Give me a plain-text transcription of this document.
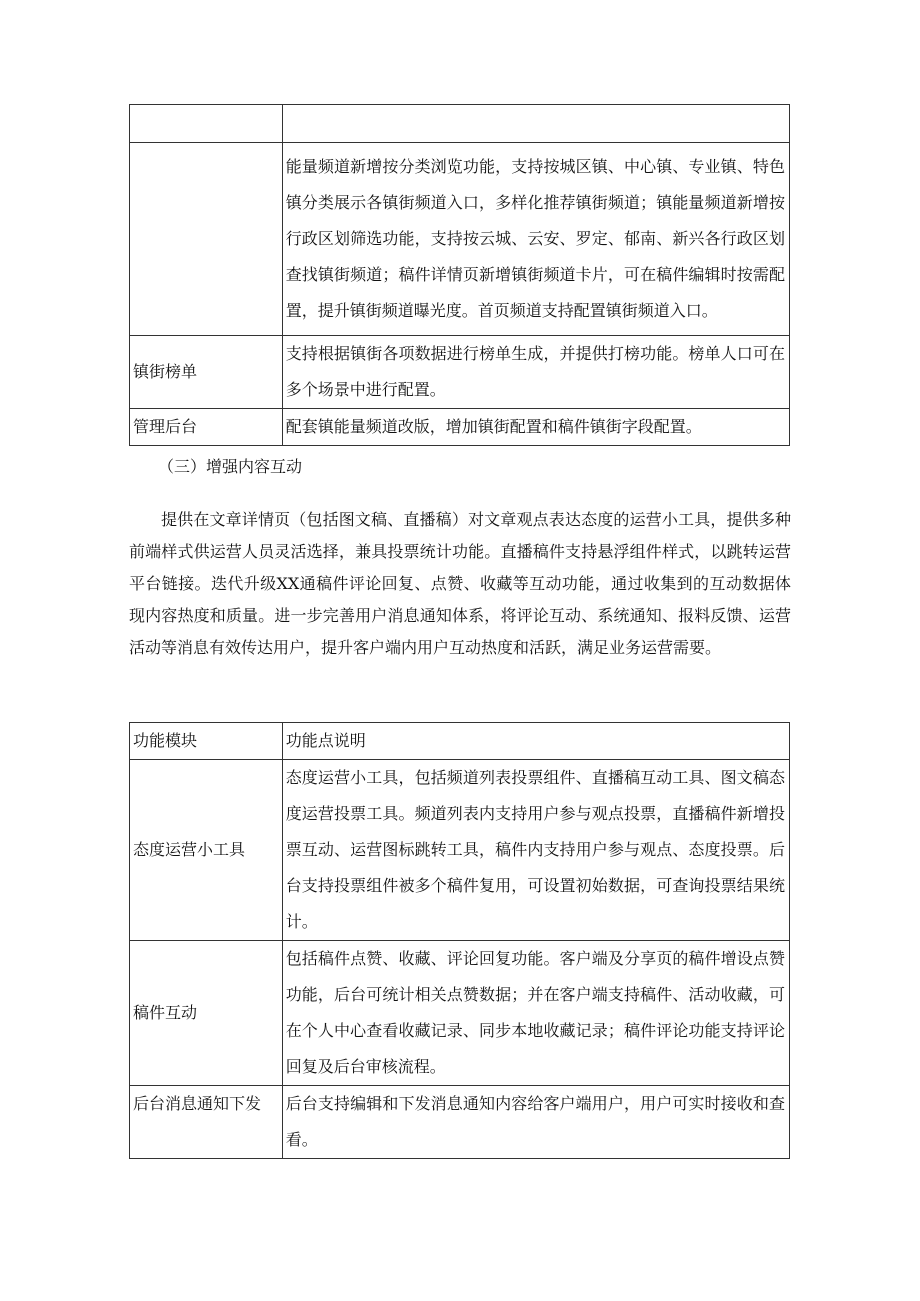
	能量频道新增按分类浏览功能，支持按城区镇、中心镇、专业镇、特色镇分类展示各镇街频道入口，多样化推荐镇街频道；镇能量频道新增按行政区划筛选功能，支持按云城、云安、罗定、郁南、新兴各行政区划查找镇街频道；稿件详情页新增镇街频道卡片，可在稿件编辑时按需配置，提升镇街频道曝光度。首页频道支持配置镇街频道入口。
镇街榜单	支持根据镇街各项数据进行榜单生成，并提供打榜功能。榜单人口可在多个场景中进行配置。
管理后台	配套镇能量频道改版，增加镇街配置和稿件镇街字段配置。
（三）增强内容互动

提供在文章详情页（包括图文稿、直播稿）对文章观点表达态度的运营小工具，提供多种前端样式供运营人员灵活选择，兼具投票统计功能。直播稿件支持悬浮组件样式，以跳转运营平台链接。迭代升级XX通稿件评论回复、点赞、收藏等互动功能，通过收集到的互动数据体现内容热度和质量。进一步完善用户消息通知体系，将评论互动、系统通知、报料反馈、运营活动等消息有效传达用户，提升客户端内用户互动热度和活跃，满足业务运营需要。

功能模块	功能点说明
态度运营小工具	态度运营小工具，包括频道列表投票组件、直播稿互动工具、图文稿态度运营投票工具。频道列表内支持用户参与观点投票，直播稿件新增投票互动、运营图标跳转工具，稿件内支持用户参与观点、态度投票。后台支持投票组件被多个稿件复用，可设置初始数据，可查询投票结果统计。
稿件互动	包括稿件点赞、收藏、评论回复功能。客户端及分享页的稿件增设点赞功能，后台可统计相关点赞数据；并在客户端支持稿件、活动收藏，可在个人中心查看收藏记录、同步本地收藏记录；稿件评论功能支持评论回复及后台审核流程。
后台消息通知下发	后台支持编辑和下发消息通知内容给客户端用户，用户可实时接收和查看。
